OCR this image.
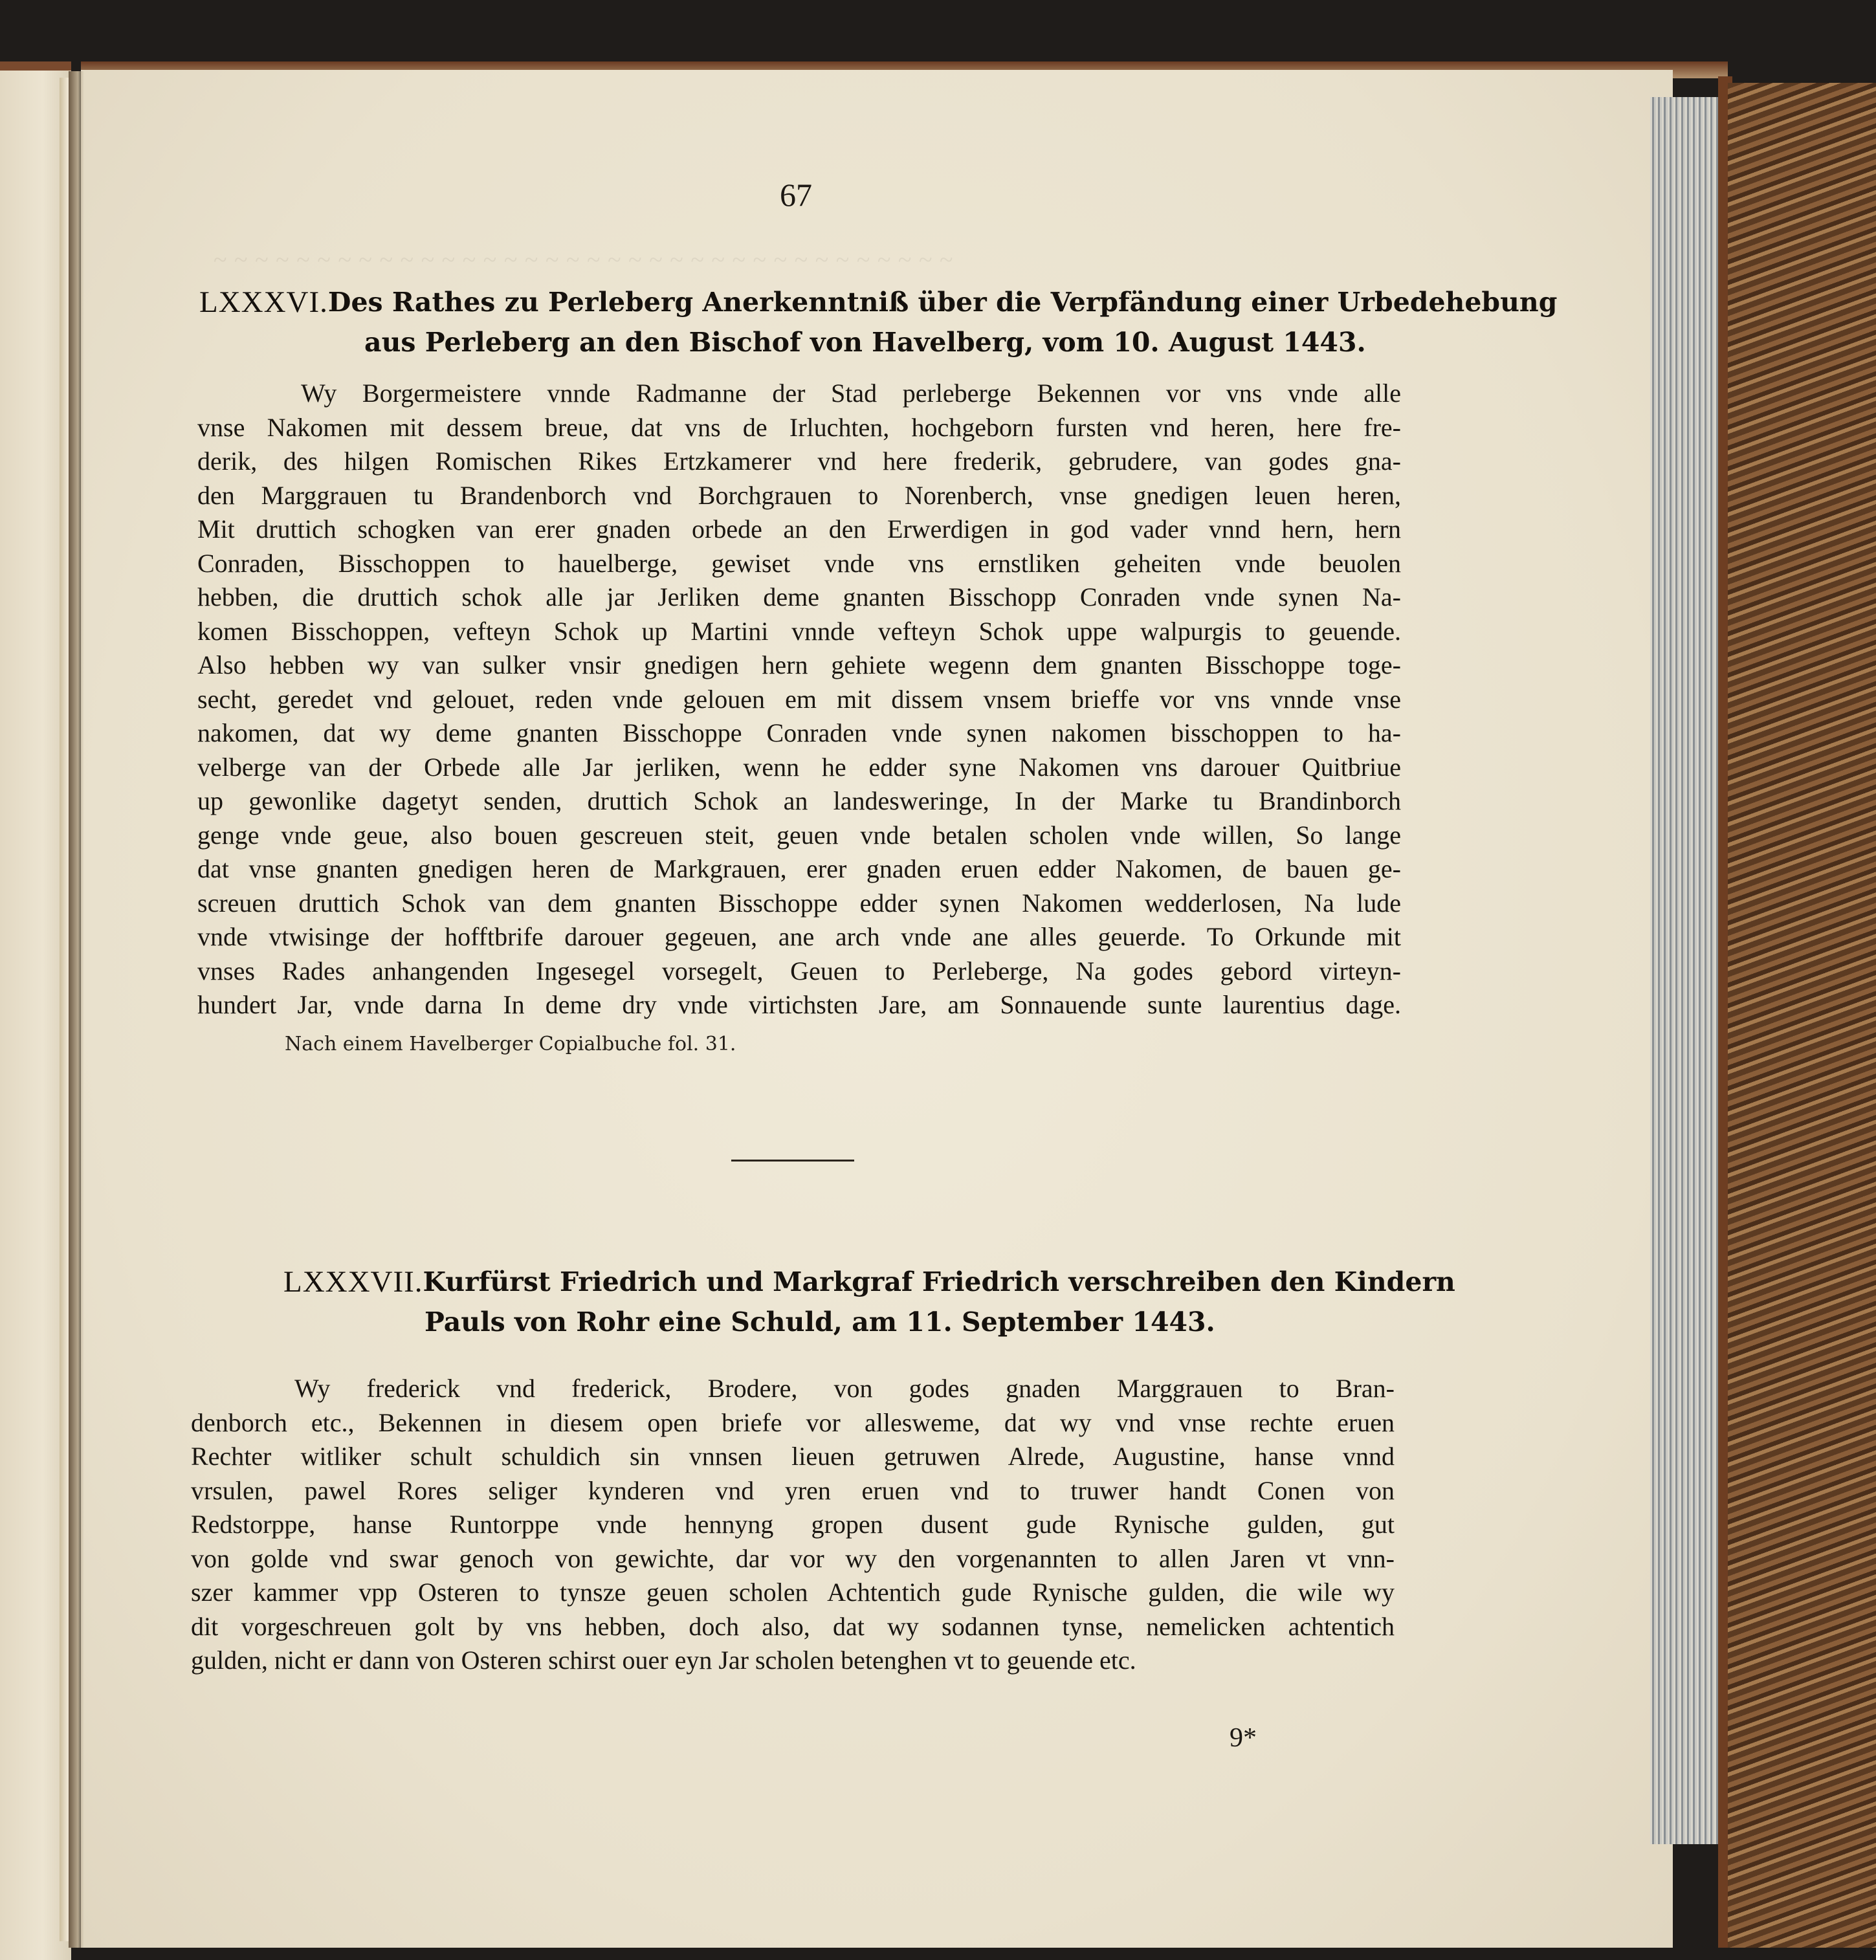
~ ~ ~ ~ ~ ~ ~ ~ ~ ~ ~ ~ ~ ~ ~ ~ ~ ~ ~ ~ ~ ~ ~ ~ ~ ~ ~ ~ ~ ~ ~ ~ ~ ~ ~ ~
67
LXXXVI. Des Rathes zu Perleberg Anerkenntniß über die Verpfändung einer Urbedehebung
aus Perleberg an den Bischof von Havelberg, vom 10. August 1443.
Wy Borgermeistere vnnde Radmanne der Stad perleberge Bekennen vor vns vnde alle
vnse Nakomen mit dessem breue, dat vns de Irluchten, hochgeborn fursten vnd heren, here fre-
derik, des hilgen Romischen Rikes Ertzkamerer vnd here frederik, gebrudere, van godes gna-
den Marggrauen tu Brandenborch vnd Borchgrauen to Norenberch, vnse gnedigen leuen heren,
Mit druttich schogken van erer gnaden orbede an den Erwerdigen in god vader vnnd hern, hern
Conraden, Bisschoppen to hauelberge, gewiset vnde vns ernstliken geheiten vnde beuolen
hebben, die druttich schok alle jar Jerliken deme gnanten Bisschopp Conraden vnde synen Na-
komen Bisschoppen, vefteyn Schok up Martini vnnde vefteyn Schok uppe walpurgis to geuende.
Also hebben wy van sulker vnsir gnedigen hern gehiete wegenn dem gnanten Bisschoppe toge-
secht, geredet vnd gelouet, reden vnde gelouen em mit dissem vnsem brieffe vor vns vnnde vnse
nakomen, dat wy deme gnanten Bisschoppe Conraden vnde synen nakomen bisschoppen to ha-
velberge van der Orbede alle Jar jerliken, wenn he edder syne Nakomen vns darouer Quitbriue
up gewonlike dagetyt senden, druttich Schok an landesweringe, In der Marke tu Brandinborch
genge vnde geue, also bouen gescreuen steit, geuen vnde betalen scholen vnde willen, So lange
dat vnse gnanten gnedigen heren de Markgrauen, erer gnaden eruen edder Nakomen, de bauen ge-
screuen druttich Schok van dem gnanten Bisschoppe edder synen Nakomen wedderlosen, Na lude
vnde vtwisinge der hofftbrife darouer gegeuen, ane arch vnde ane alles geuerde. To Orkunde mit
vnses Rades anhangenden Ingesegel vorsegelt, Geuen to Perleberge, Na godes gebord virteyn-
hundert Jar, vnde darna In deme dry vnde virtichsten Jare, am Sonnauende sunte laurentius dage.
Nach einem Havelberger Copialbuche fol. 31.
LXXXVII. Kurfürst Friedrich und Markgraf Friedrich verschreiben den Kindern
Pauls von Rohr eine Schuld, am 11. September 1443.
Wy frederick vnd frederick, Brodere, von godes gnaden Marggrauen to Bran-
denborch etc., Bekennen in diesem open briefe vor alleswеme, dat wy vnd vnse rechte eruen
Rechter witliker schult schuldich sin vnnsen lieuen getruwen Alrede, Augustine, hanse vnnd
vrsulen, pawel Rores seliger kynderen vnd yren eruen vnd to truwer handt Conen von
Redstorppe, hanse Runtorppe vnde hennyng gropen dusent gude Rynische gulden, gut
von golde vnd swar genoch von gewichte, dar vor wy den vorgenannten to allen Jaren vt vnn-
szer kammer vpp Osteren to tynsze geuen scholen Achtentich gude Rynische gulden, die wile wy
dit vorgeschreuen golt by vns hebben, doch also, dat wy sodannen tynse, nemelicken achtentich
gulden, nicht er dann von Osteren schirst ouer eyn Jar scholen betenghen vt to geuende etc.
9*
